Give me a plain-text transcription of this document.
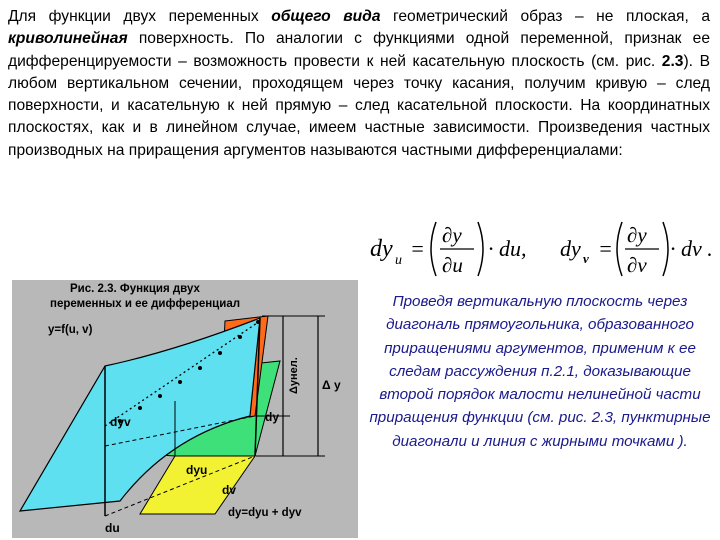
Для функции двух переменных общего вида геометрический образ – не плоская, а криволинейная поверхность. По аналогии с функциями одной переменной, признак ее дифференцируемости – возможность провести к ней касательную плоскость (см. рис. 2.3). В любом вертикальном сечении, проходящем через точку касания, получим кривую – след поверхности, и касательную к ней прямую – след касательной плоскости. На координатных плоскостях, как и в линейном случае, имеем частные зависимости. Произведения частных производных на приращения аргументов называются частными дифференциалами:

dy u =
∂y
∂u
· du, dy v =
∂y
∂v
· dv .
Рис. 2.3. Функция двух
переменных и ее дифференциал
y=f(u, v)
dyv
dyu
du
dv
dy
Δ y
Δyнел.
dy=dyu + dyv

Проведя вертикальную плоскость через диагональ прямоугольника, образованного приращениями аргументов, применим к ее следам рассуждения п.2.1, доказывающие второй порядок малости нелинейной части приращения функции (см. рис. 2.3, пунктирные диагонали и линия с жирными точками ).
